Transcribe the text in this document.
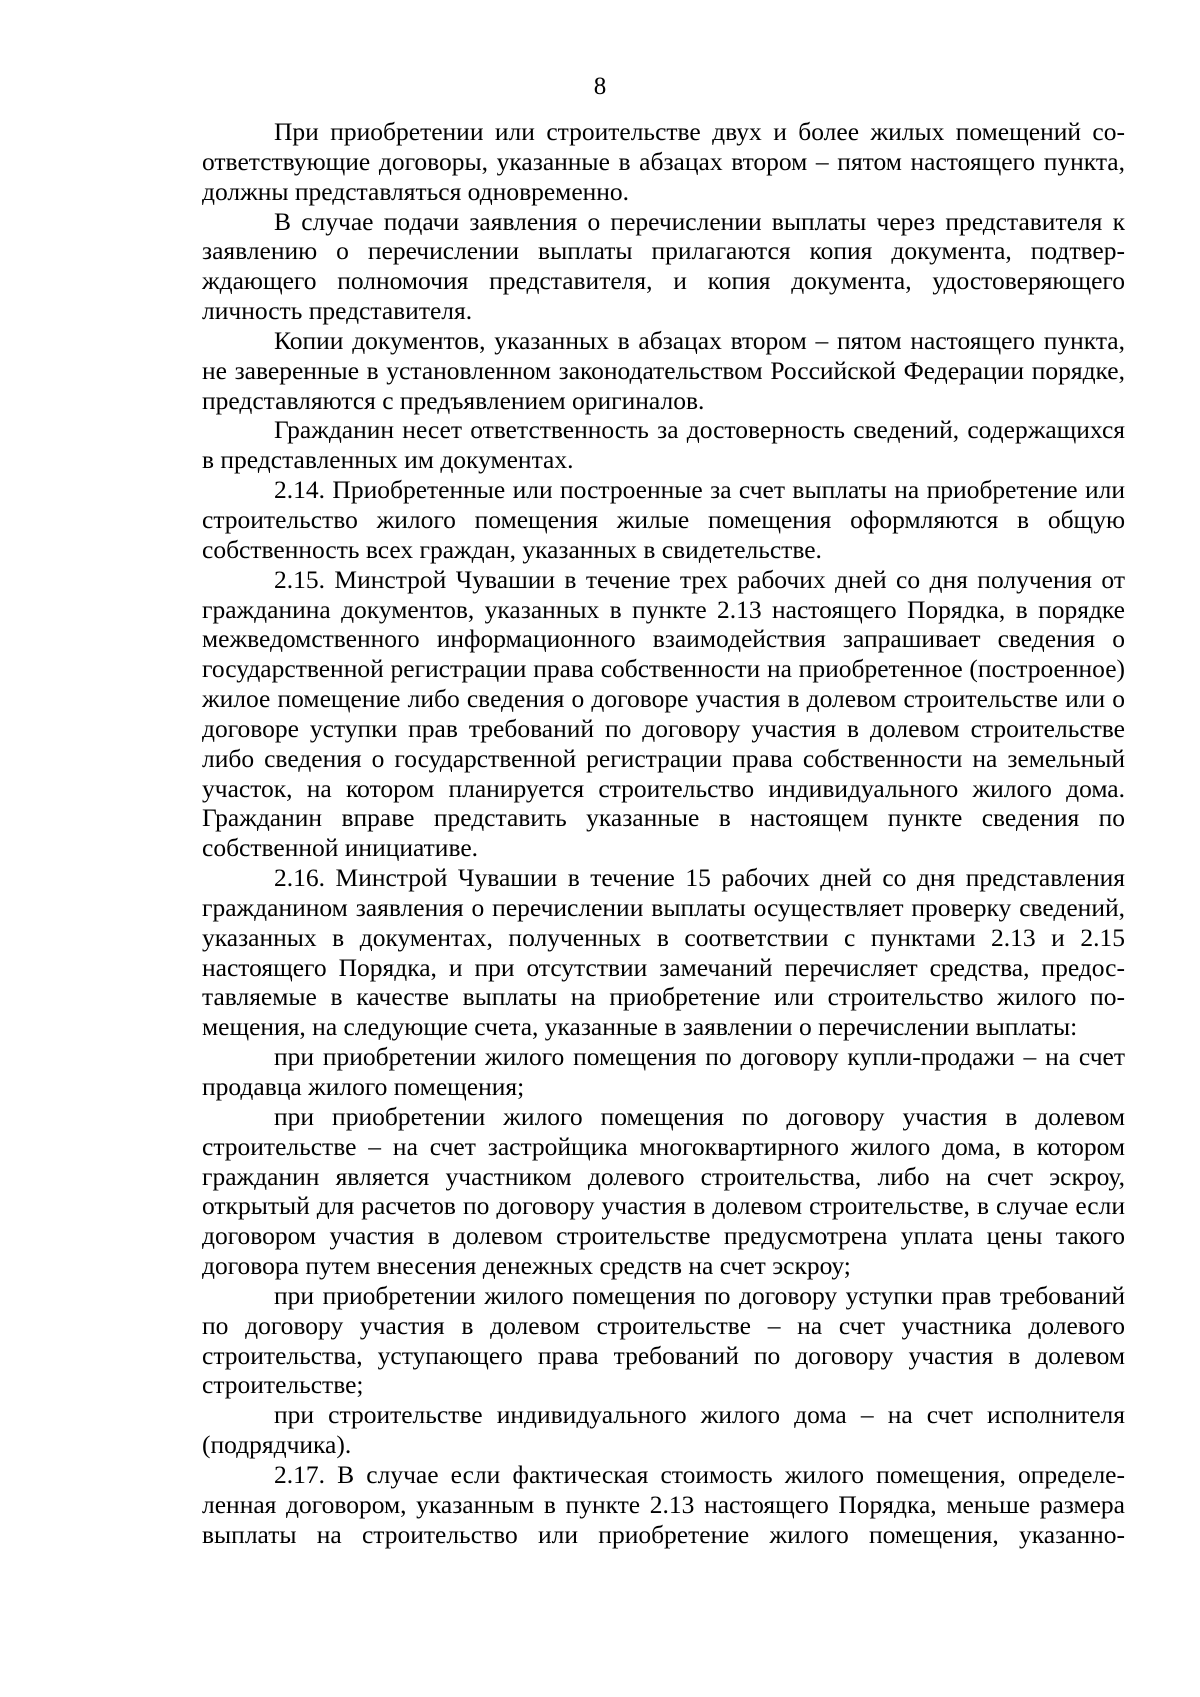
8

При приобретении или строительстве двух и более жилых помещений соответствующие договоры, указанные в абзацах втором – пятом настоящего пункта, должны представляться одновременно.

В случае подачи заявления о перечислении выплаты через представителя к заявлению о перечислении выплаты прилагаются копия документа, подтверждающего полномочия представителя, и копия документа, удостоверяющего личность представителя.

Копии документов, указанных в абзацах втором – пятом настоящего пункта, не заверенные в установленном законодательством Российской Федерации порядке, представляются с предъявлением оригиналов.

Гражданин несет ответственность за достоверность сведений, содержащихся в представленных им документах.

2.14. Приобретенные или построенные за счет выплаты на приобретение или строительство жилого помещения жилые помещения оформляются в общую собственность всех граждан, указанных в свидетельстве.

2.15. Минстрой Чувашии в течение трех рабочих дней со дня получения от гражданина документов, указанных в пункте 2.13 настоящего Порядка, в порядке межведомственного информационного взаимодействия запрашивает сведения о государственной регистрации права собственности на приобретенное (построенное) жилое помещение либо сведения о договоре участия в долевом строительстве или о договоре уступки прав требований по договору участия в долевом строительстве либо сведения о государственной регистрации права собственности на земельный участок, на котором планируется строительство индивидуального жилого дома. Гражданин вправе представить указанные в настоящем пункте сведения по собственной инициативе.

2.16. Минстрой Чувашии в течение 15 рабочих дней со дня представления гражданином заявления о перечислении выплаты осуществляет проверку сведений, указанных в документах, полученных в соответствии с пунктами 2.13 и 2.15 настоящего Порядка, и при отсутствии замечаний перечисляет средства, предоставляемые в качестве выплаты на приобретение или строительство жилого помещения, на следующие счета, указанные в заявлении о перечислении выплаты:

при приобретении жилого помещения по договору купли-продажи – на счет продавца жилого помещения;

при приобретении жилого помещения по договору участия в долевом строительстве – на счет застройщика многоквартирного жилого дома, в котором гражданин является участником долевого строительства, либо на счет эскроу, открытый для расчетов по договору участия в долевом строительстве, в случае если договором участия в долевом строительстве предусмотрена уплата цены такого договора путем внесения денежных средств на счет эскроу;

при приобретении жилого помещения по договору уступки прав требований по договору участия в долевом строительстве – на счет участника долевого строительства, уступающего права требований по договору участия в долевом строительстве;

при строительстве индивидуального жилого дома – на счет исполнителя (подрядчика).

2.17. В случае если фактическая стоимость жилого помещения, определеленная договором, указанным в пункте 2.13 настоящего Порядка, меньше размера выплаты на строительство или приобретение жилого помещения, указанно-
